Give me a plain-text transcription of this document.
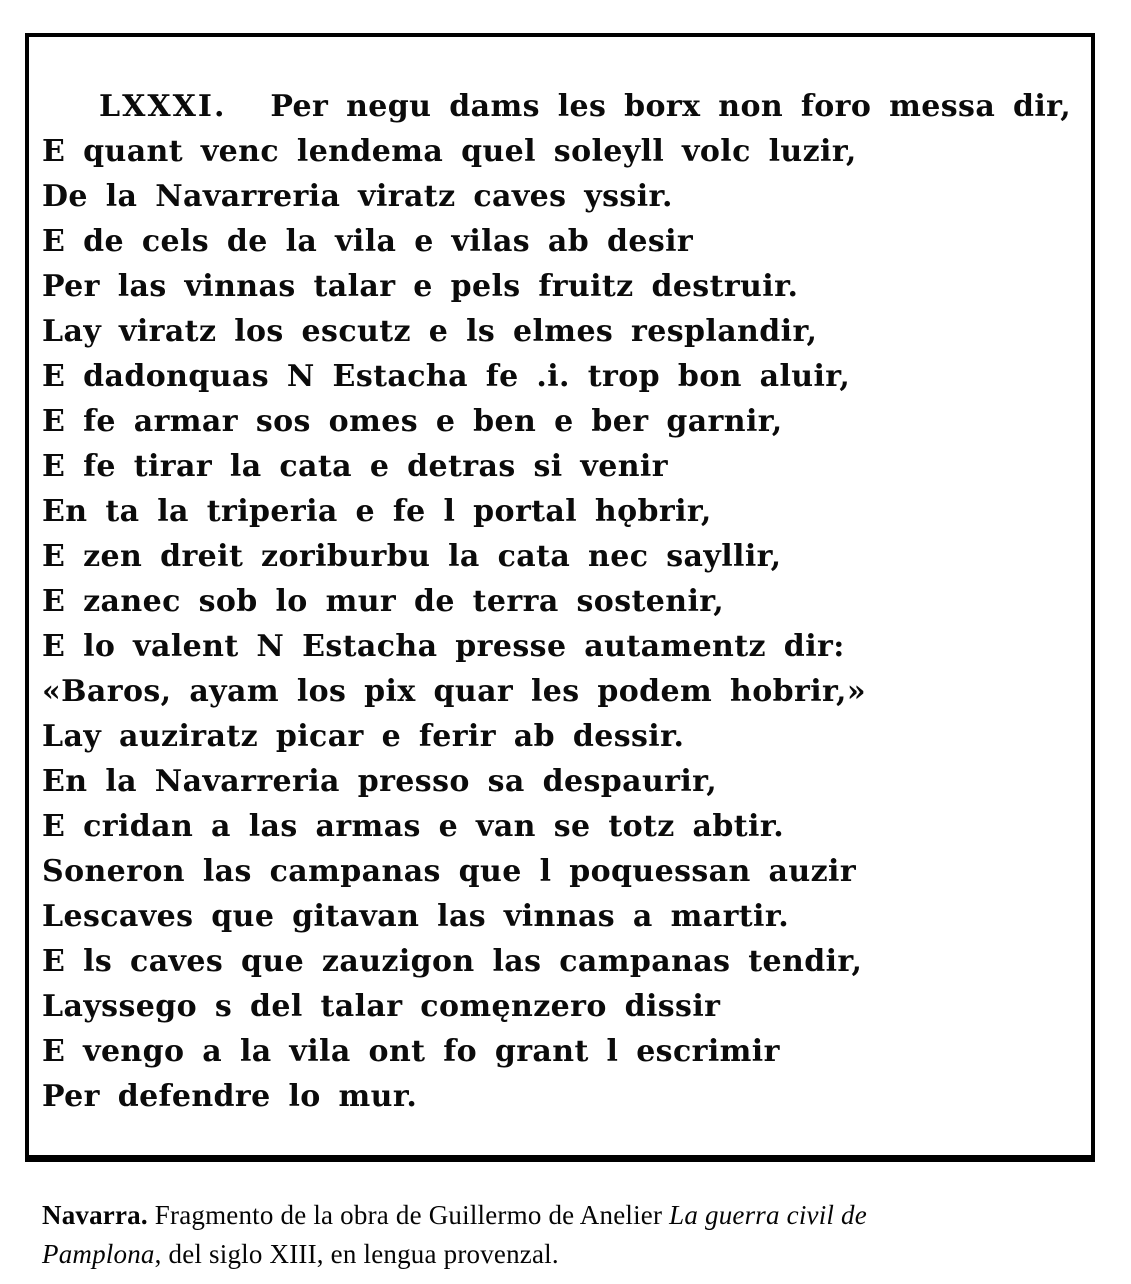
LXXXI. Per negu dams les borx non foro messa dir,
E quant venc lendema quel soleyll volc luzir,
De la Navarreria viratz caves yssir.
E de cels de la vila e vilas ab desir
Per las vinnas talar e pels fruitz destruir.
Lay viratz los escutz e ls elmes resplandir,
E dadonquas N Estacha fe .i. trop bon aluir,
E fe armar sos omes e ben e ber garnir,
E fe tirar la cata e detras si venir
En ta la triperia e fe l portal hǫbrir,
E zen dreit zoriburbu la cata nec sayllir,
E zanec sob lo mur de terra sostenir,
E lo valent N Estacha presse autamentz dir:
«Baros, ayam los pix quar les podem hobrir,»
Lay auziratz picar e ferir ab dessir.
En la Navarreria presso sa despaurir,
E cridan a las armas e van se totz abtir.
Soneron las campanas que l poquessan auzir
Lescaves que gitavan las vinnas a martir.
E ls caves que zauzigon las campanas tendir,
Layssego s del talar comęnzero dissir
E vengo a la vila ont fo grant l escrimir
Per defendre lo mur.

Navarra. Fragmento de la obra de Guillermo de Anelier La guerra civil de
Pamplona, del siglo XIII, en lengua provenzal.
